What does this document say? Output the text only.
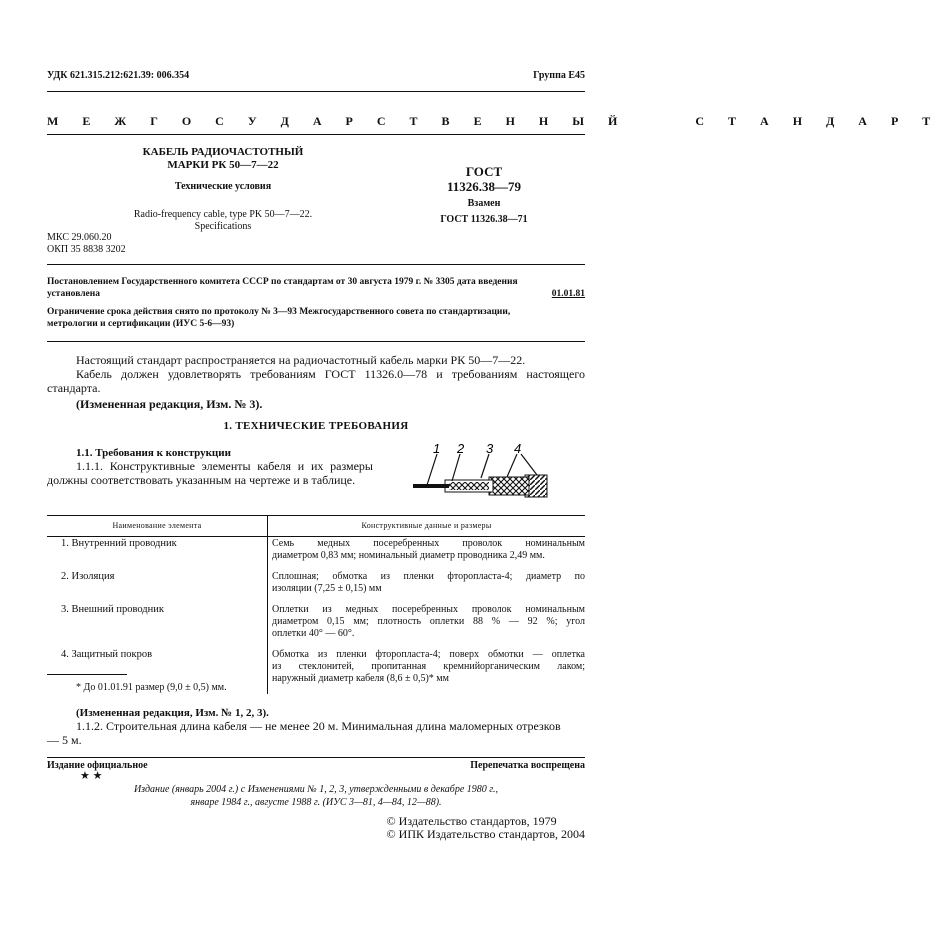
УДК 621.315.212:621.39: 006.354	Группа Е45
М Е Ж Г О С У Д А Р С Т В Е Н Н Ы Й     С Т А Н Д А Р Т
КАБЕЛЬ РАДИОЧАСТОТНЫЙ
МАРКИ РК 50—7—22
Технические условия
Radio-frequency cable, type PK 50—7—22.
Specifications
МКС 29.060.20
ОКП 35 8838 3202
ГОСТ
11326.38—79
Взамен
ГОСТ 11326.38—71
Постановлением Государственного комитета СССР по стандартам от 30 августа 1979 г. № 3305 дата введения
установлена	01.01.81
Ограничение срока действия снято по протоколу № 3—93 Межгосударственного совета по стандартизации,
метрологии и сертификации (ИУС 5-6—93)
Настоящий стандарт распространяется на радиочастотный кабель марки РК 50—7—22.
Кабель должен удовлетворять требованиям ГОСТ 11326.0—78 и требованиям настоящего
стандарта.
(Измененная редакция, Изм. № 3).
1. ТЕХНИЧЕСКИЕ ТРЕБОВАНИЯ
1.1. Требования к конструкции
1.1.1. Конструктивные элементы кабеля и их размеры
должны соответствовать указанным на чертеже и в таблице.
1 2 3 4
Наименование элемента	Конструктивные данные и размеры
1. Внутренний проводник	Семь медных посеребренных проволок номинальным
диаметром 0,83 мм; номинальный диаметр проводника 2,49 мм.

2. Изоляция	Сплошная; обмотка из пленки фторопласта-4; диаметр по
изоляции (7,25 ± 0,15) мм

3. Внешний проводник	Оплетки из медных посеребренных проволок номинальным
диаметром 0,15 мм; плотность оплетки 88 % — 92 %; угол
оплетки 40° — 60°.

4. Защитный покров	Обмотка из пленки фторопласта-4; поверх обмотки — оплетка
из стеклонитей, пропитанная кремнийорганическим лаком;
наружный диаметр кабеля (8,6 ± 0,5)* мм
* До 01.01.91 размер (9,0 ± 0,5) мм.
(Измененная редакция, Изм. № 1, 2, 3).
1.1.2. Строительная длина кабеля — не менее 20 м. Минимальная длина маломерных отрезков
— 5 м.
Издание официальное
★ ★
Перепечатка воспрещена
Издание (январь 2004 г.) с Изменениями № 1, 2, 3, утвержденными в декабре 1980 г.,
январе 1984 г., августе 1988 г. (ИУС 3—81, 4—84, 12—88).
© Издательство стандартов, 1979
© ИПК Издательство стандартов, 2004
